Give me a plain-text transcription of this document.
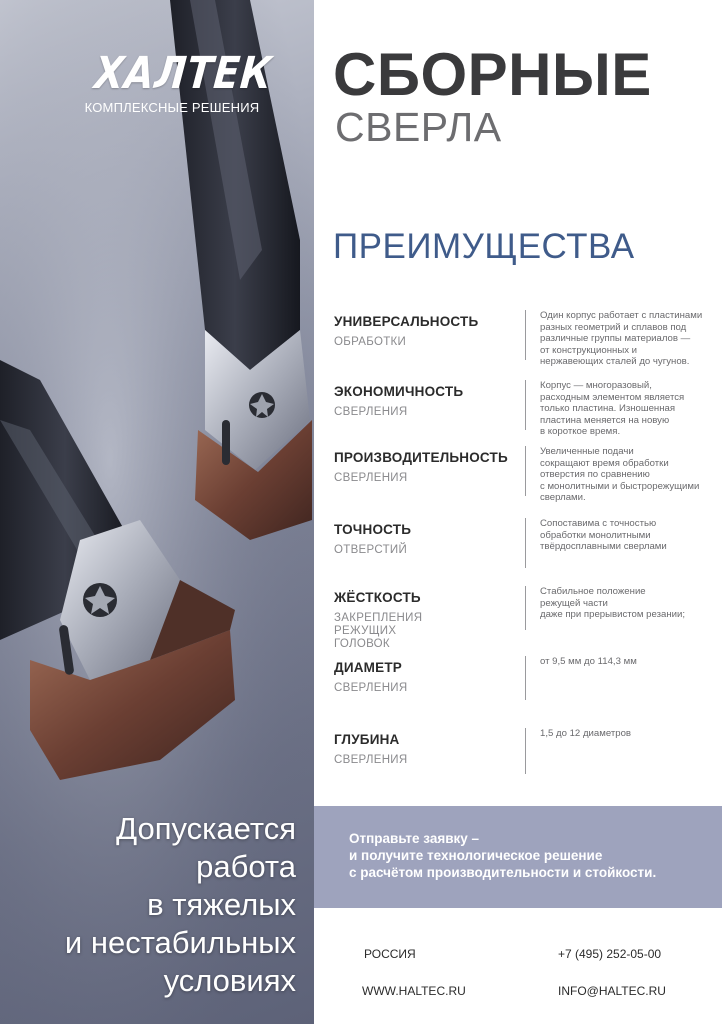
ХАЛТЕК
КОМПЛЕКСНЫЕ РЕШЕНИЯ
Допускается
работа
в тяжелых
и нестабильных
условиях
СБОРНЫЕ
СВЕРЛА
ПРЕИМУЩЕСТВА
УНИВЕРСАЛЬНОСТЬ
ОБРАБОТКИ
Один корпус работает с пластинами
разных геометрий и сплавов под
различные группы материалов —
от конструкционных и
нержавеющих сталей до чугунов.
ЭКОНОМИЧНОСТЬ
СВЕРЛЕНИЯ
Корпус — многоразовый,
расходным элементом является
только пластина. Изношенная
пластина меняется на новую
в короткое время.
ПРОИЗВОДИТЕЛЬНОСТЬ
СВЕРЛЕНИЯ
Увеличенные подачи
сокращают время обработки
отверстия по сравнению
с монолитными и быстрорежущими
сверлами.
ТОЧНОСТЬ
ОТВЕРСТИЙ
Сопоставима с точностью
обработки монолитными
твёрдосплавными сверлами
ЖЁСТКОСТЬ
ЗАКРЕПЛЕНИЯ
РЕЖУЩИХ
ГОЛОВОК
Стабильное положение
режущей части
даже при прерывистом резании;
ДИАМЕТР
СВЕРЛЕНИЯ
от 9,5 мм до 114,3 мм
ГЛУБИНА
СВЕРЛЕНИЯ
1,5 до 12 диаметров
Отправьте заявку –
и получите технологическое решение
с расчётом производительности и стойкости.
РОССИЯ	+7 (495) 252-05-00
WWW.HALTEC.RU	INFO@HALTEC.RU
